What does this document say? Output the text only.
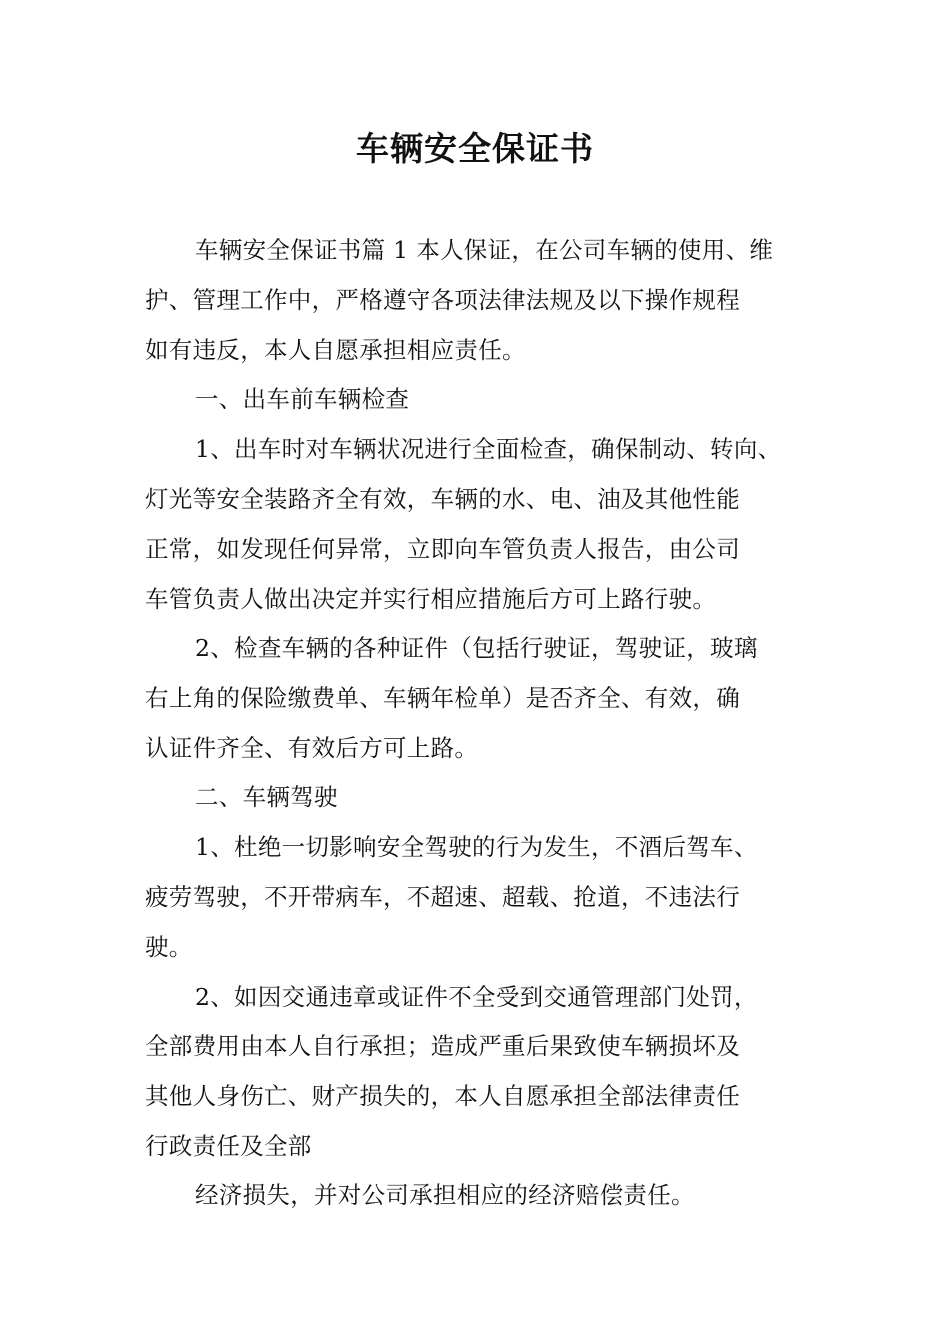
车辆安全保证书
车辆安全保证书篇 1 本人保证，在公司车辆的使用、维
护、管理工作中，严格遵守各项法律法规及以下操作规程
如有违反，本人自愿承担相应责任。
一、出车前车辆检查
1、出车时对车辆状况进行全面检查，确保制动、转向、
灯光等安全装路齐全有效，车辆的水、电、油及其他性能
正常，如发现任何异常，立即向车管负责人报告，由公司
车管负责人做出决定并实行相应措施后方可上路行驶。
2、检查车辆的各种证件（包括行驶证，驾驶证，玻璃
右上角的保险缴费单、车辆年检单）是否齐全、有效，确
认证件齐全、有效后方可上路。
二、车辆驾驶
1、杜绝一切影响安全驾驶的行为发生，不酒后驾车、
疲劳驾驶，不开带病车，不超速、超载、抢道，不违法行
驶。
2、如因交通违章或证件不全受到交通管理部门处罚，
全部费用由本人自行承担；造成严重后果致使车辆损坏及
其他人身伤亡、财产损失的，本人自愿承担全部法律责任
行政责任及全部
经济损失，并对公司承担相应的经济赔偿责任。
